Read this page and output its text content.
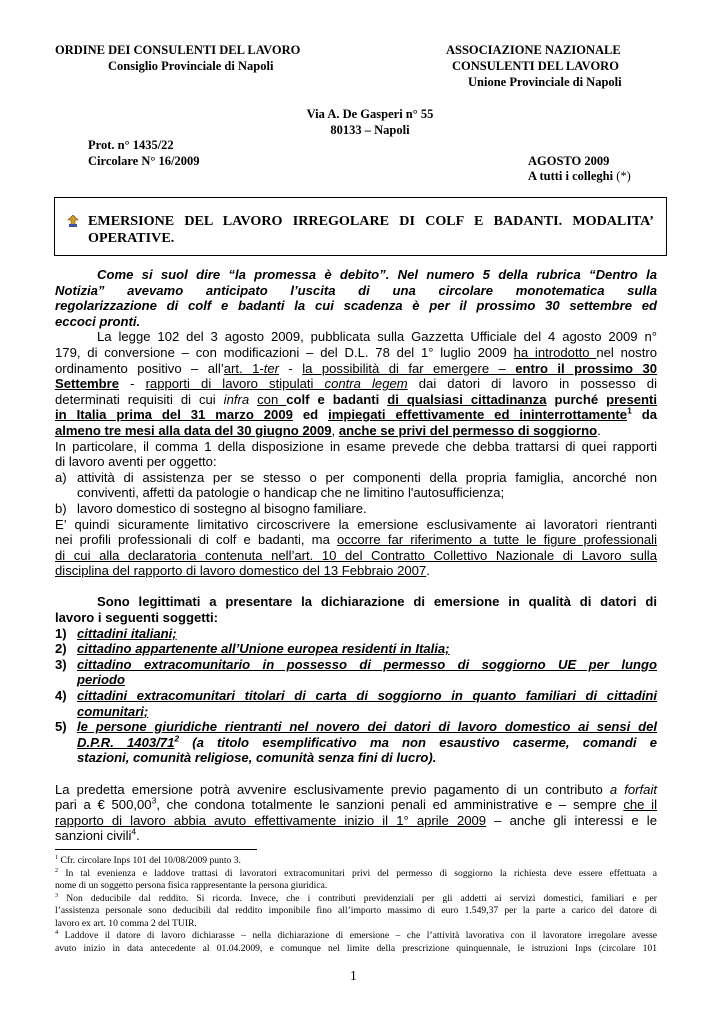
ORDINE DEI CONSULENTI DEL LAVORO
Consiglio Provinciale di Napoli
ASSOCIAZIONE NAZIONALE
CONSULENTI DEL LAVORO
Unione Provinciale di Napoli
Via A. De Gasperi n° 55
80133 – Napoli
Prot. n° 1435/22
Circolare N° 16/2009	AGOSTO 2009
A tutti i colleghi (*)
EMERSIONE DEL LAVORO IRREGOLARE DI COLF E BADANTI. MODALITA’
OPERATIVE.
Come si suol dire “la promessa è debito”. Nel numero 5 della rubrica “Dentro la
Notizia” avevamo anticipato l’uscita di una circolare monotematica sulla
regolarizzazione di colf e badanti la cui scadenza è per il prossimo 30 settembre ed
eccoci pronti.
La legge 102 del 3 agosto 2009, pubblicata sulla Gazzetta Ufficiale del 4 agosto 2009 n°
179, di conversione – con modificazioni – del D.L. 78 del 1° luglio 2009 ha introdotto nel nostro
ordinamento positivo – all’art. 1-ter - la possibilità di far emergere – entro il prossimo 30
Settembre - rapporti di lavoro stipulati contra legem dai datori di lavoro in possesso di
determinati requisiti di cui infra con colf e badanti di qualsiasi cittadinanza purché presenti
in Italia prima del 31 marzo 2009 ed impiegati effettivamente ed ininterrottamente$^1$ da
almeno tre mesi alla data del 30 giugno 2009, anche se privi del permesso di soggiorno.
In particolare, il comma 1 della disposizione in esame prevede che debba trattarsi di quei rapporti
di lavoro aventi per oggetto:
a) attività di assistenza per se stesso o per componenti della propria famiglia, ancorché non
conviventi, affetti da patologie o handicap che ne limitino l'autosufficienza;
b) lavoro domestico di sostegno al bisogno familiare.
E’ quindi sicuramente limitativo circoscrivere la emersione esclusivamente ai lavoratori rientranti
nei profili professionali di colf e badanti, ma occorre far riferimento a tutte le figure professionali
di cui alla declaratoria contenuta nell’art. 10 del Contratto Collettivo Nazionale di Lavoro sulla
disciplina del rapporto di lavoro domestico del 13 Febbraio 2007.
Sono legittimati a presentare la dichiarazione di emersione in qualità di datori di
lavoro i seguenti soggetti:
1) cittadini italiani;
2) cittadino appartenente all’Unione europea residenti in Italia;
3) cittadino extracomunitario in possesso di permesso di soggiorno UE per lungo
periodo
4) cittadini extracomunitari titolari di carta di soggiorno in quanto familiari di cittadini
comunitari;
5) le persone giuridiche rientranti nel novero dei datori di lavoro domestico ai sensi del
D.P.R. $1403/71^2$ (a titolo esemplificativo ma non esaustivo caserme, comandi e
stazioni, comunità religiose, comunità senza fini di lucro).
La predetta emersione potrà avvenire esclusivamente previo pagamento di un contributo a forfait
pari a € 500,00$^3$, che condona totalmente le sanzioni penali ed amministrative e – sempre che il
rapporto di lavoro abbia avuto effettivamente inizio il 1° aprile 2009 – anche gli interessi e le
sanzioni civili$^4$.
$^1$ Cfr. circolare Inps 101 del 10/08/2009 punto 3.
$^2$ In tal evenienza e laddove trattasi di lavoratori extracomunitari privi del permesso di soggiorno la richiesta deve essere effettuata a
nome di un soggetto persona fisica rappresentante la persona giuridica.
$^3$ Non deducibile dal reddito. Si ricorda. Invece, che i contributi previdenziali per gli addetti ai servizi domestici, familiari e per
l’assistenza personale sono deducibili dal reddito imponibile fino all’importo massimo di euro 1.549,37 per la parte a carico del datore di
lavoro ex art. 10 comma 2 del TUIR.
$^4$ Laddove il datore di lavoro dichiarasse – nella dichiarazione di emersione – che l’attività lavorativa con il lavoratore irregolare avesse
avuto inizio in data antecedente al 01.04.2009, e comunque nel limite della prescrizione quinquennale, le istruzioni Inps (circolare 101
1
